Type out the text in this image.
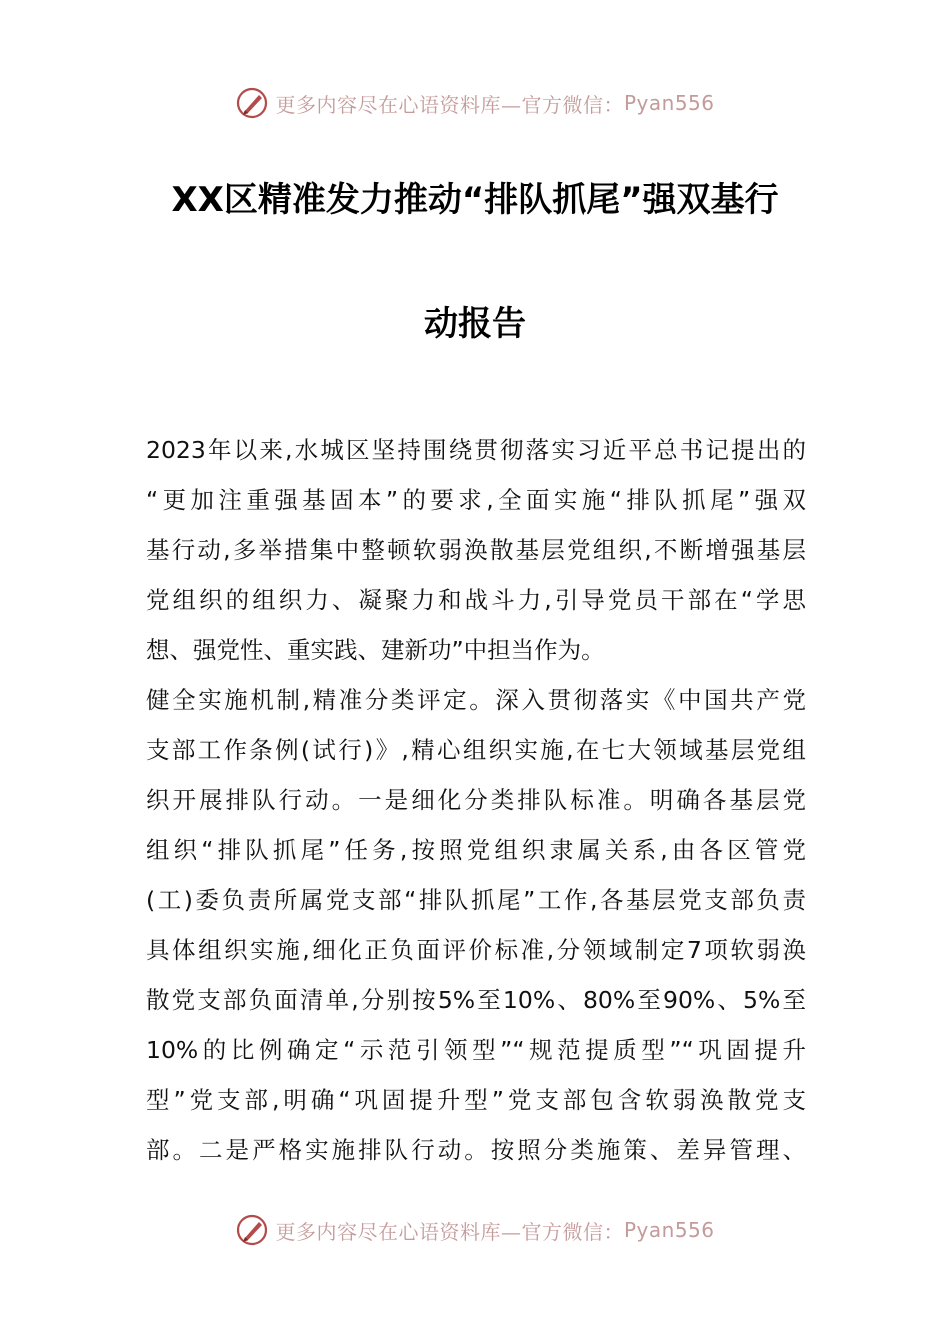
更多内容尽在心语资料库—官方微信： Pyan556
XX区精准发力推动“排队抓尾”强双基行
动报告
2023年以来,水城区坚持围绕贯彻落实习近平总书记提出的
“更加注重强基固本”的要求,全面实施“排队抓尾”强双
基行动,多举措集中整顿软弱涣散基层党组织,不断增强基层
党组织的组织力、凝聚力和战斗力,引导党员干部在“学思
想、强党性、重实践、建新功”中担当作为。
健全实施机制,精准分类评定。深入贯彻落实《中国共产党
支部工作条例(试行)》,精心组织实施,在七大领域基层党组
织开展排队行动。一是细化分类排队标准。明确各基层党
组织“排队抓尾”任务,按照党组织隶属关系,由各区管党
(工)委负责所属党支部“排队抓尾”工作,各基层党支部负责
具体组织实施,细化正负面评价标准,分领域制定7项软弱涣
散党支部负面清单,分别按5%至10%、80%至90%、5%至
10%的比例确定“示范引领型”“规范提质型”“巩固提升
型”党支部,明确“巩固提升型”党支部包含软弱涣散党支
部。二是严格实施排队行动。按照分类施策、差异管理、
更多内容尽在心语资料库—官方微信： Pyan556
